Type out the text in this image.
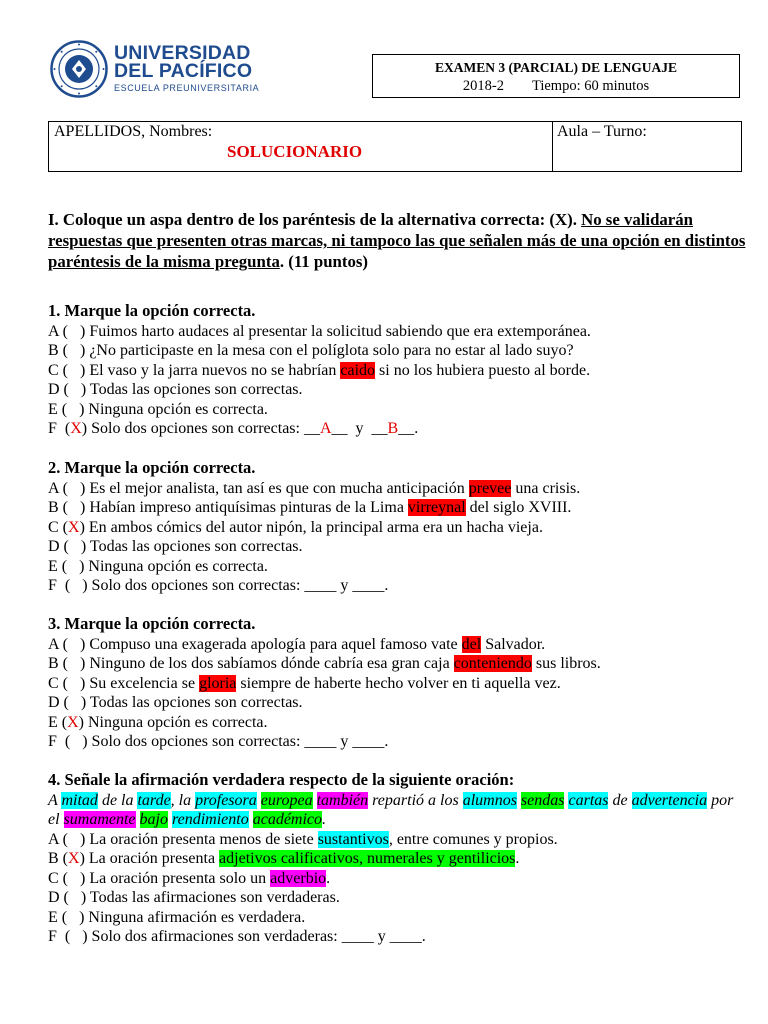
UNIVERSIDAD
DEL PACÍFICO
ESCUELA PREUNIVERSITARIA
EXAMEN 3 (PARCIAL) DE LENGUAJE
2018-2 Tiempo: 60 minutos
APELLIDOS, Nombres:
SOLUCIONARIO
Aula – Turno:
I. Coloque un aspa dentro de los paréntesis de la alternativa correcta: (X). No se validarán respuestas que presenten otras marcas, ni tampoco las que señalen más de una opción en distintos paréntesis de la misma pregunta. (11 puntos)
1. Marque la opción correcta.
A (   ) Fuimos harto audaces al presentar la solicitud sabiendo que era extemporánea.
B (   ) ¿No participaste en la mesa con el políglota solo para no estar al lado suyo?
C (   ) El vaso y la jarra nuevos no se habrían caido si no los hubiera puesto al borde.
D (   ) Todas las opciones son correctas.
E (   ) Ninguna opción es correcta.
F  (X) Solo dos opciones son correctas: __A__  y  __B__.
2. Marque la opción correcta.
A (   ) Es el mejor analista, tan así es que con mucha anticipación prevee una crisis.
B (   ) Habían impreso antiquísimas pinturas de la Lima virreynal del siglo XVIII.
C (X) En ambos cómics del autor nipón, la principal arma era un hacha vieja.
D (   ) Todas las opciones son correctas.
E (   ) Ninguna opción es correcta.
F  (   ) Solo dos opciones son correctas: ____ y ____.
3. Marque la opción correcta.
A (   ) Compuso una exagerada apología para aquel famoso vate del Salvador.
B (   ) Ninguno de los dos sabíamos dónde cabría esa gran caja conteniendo sus libros.
C (   ) Su excelencia se gloria siempre de haberte hecho volver en ti aquella vez.
D (   ) Todas las opciones son correctas.
E (X) Ninguna opción es correcta.
F  (   ) Solo dos opciones son correctas: ____ y ____.
4. Señale la afirmación verdadera respecto de la siguiente oración:
A mitad de la tarde, la profesora europea también repartió a los alumnos sendas cartas de advertencia por el sumamente bajo rendimiento académico.
A (   ) La oración presenta menos de siete sustantivos, entre comunes y propios.
B (X) La oración presenta adjetivos calificativos, numerales y gentilicios.
C (   ) La oración presenta solo un adverbio.
D (   ) Todas las afirmaciones son verdaderas.
E (   ) Ninguna afirmación es verdadera.
F  (   ) Solo dos afirmaciones son verdaderas: ____ y ____.
